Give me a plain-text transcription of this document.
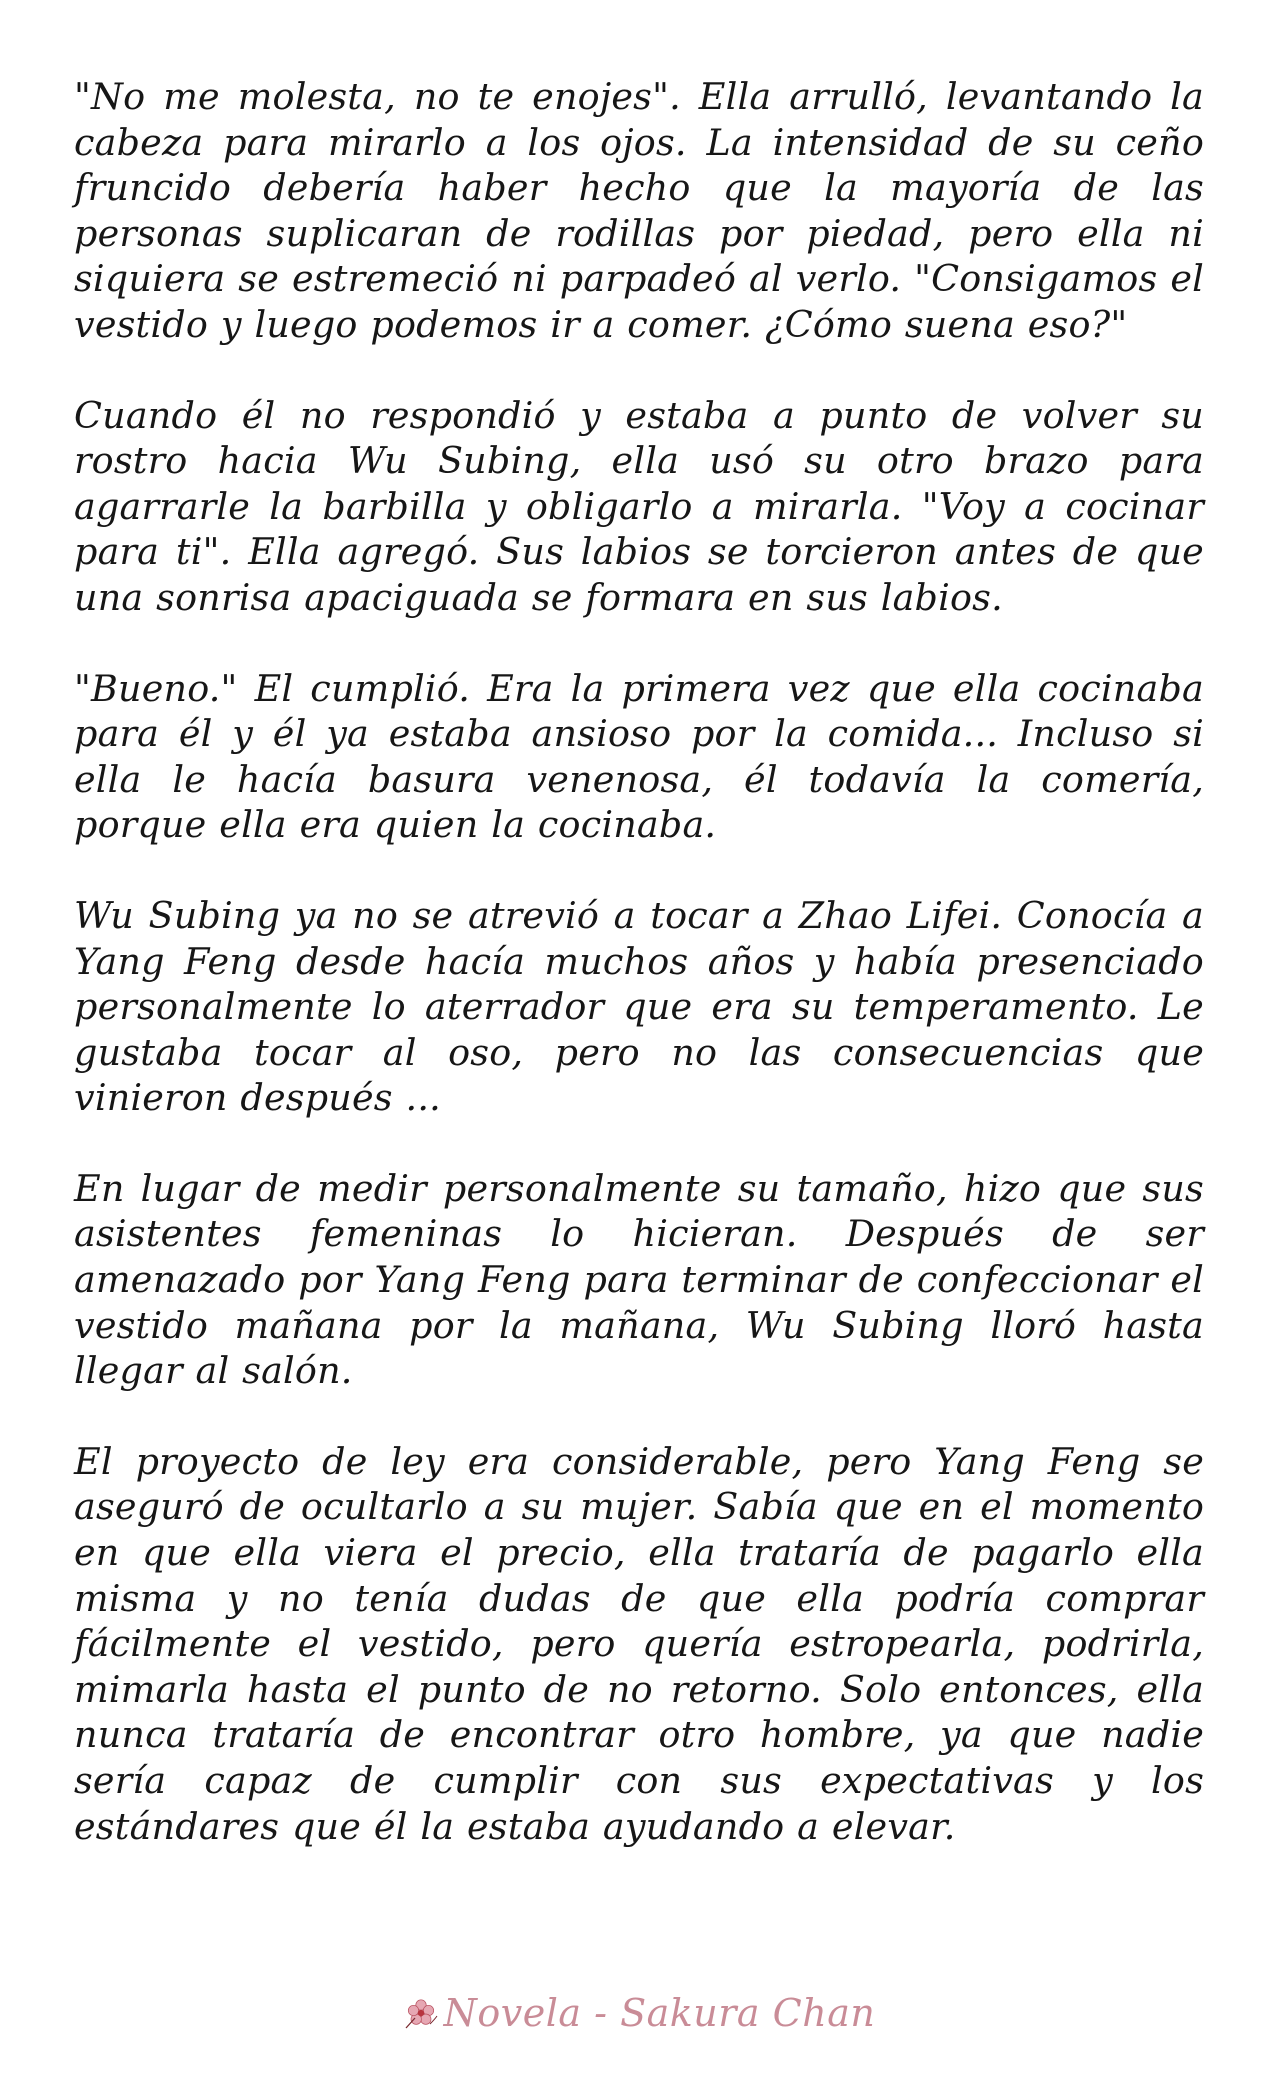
"No me molesta, no te enojes". Ella arrulló, levantando la cabeza para mirarlo a los ojos. La intensidad de su ceño fruncido debería haber hecho que la mayoría de las personas suplicaran de rodillas por piedad, pero ella ni siquiera se estremeció ni parpadeó al verlo. "Consigamos el vestido y luego podemos ir a comer. ¿Cómo suena eso?"

Cuando él no respondió y estaba a punto de volver su rostro hacia Wu Subing, ella usó su otro brazo para agarrarle la barbilla y obligarlo a mirarla. "Voy a cocinar para ti". Ella agregó. Sus labios se torcieron antes de que una sonrisa apaciguada se formara en sus labios.

"Bueno." El cumplió. Era la primera vez que ella cocinaba para él y él ya estaba ansioso por la comida... Incluso si ella le hacía basura venenosa, él todavía la comería, porque ella era quien la cocinaba.

Wu Subing ya no se atrevió a tocar a Zhao Lifei. Conocía a Yang Feng desde hacía muchos años y había presenciado personalmente lo aterrador que era su temperamento. Le gustaba tocar al oso, pero no las consecuencias que vinieron después ...

En lugar de medir personalmente su tamaño, hizo que sus asistentes femeninas lo hicieran. Después de ser amenazado por Yang Feng para terminar de confeccionar el vestido mañana por la mañana, Wu Subing lloró hasta llegar al salón.

El proyecto de ley era considerable, pero Yang Feng se aseguró de ocultarlo a su mujer. Sabía que en el momento en que ella viera el precio, ella trataría de pagarlo ella misma y no tenía dudas de que ella podría comprar fácilmente el vestido, pero quería estropearla, podrirla, mimarla hasta el punto de no retorno. Solo entonces, ella nunca trataría de encontrar otro hombre, ya que nadie sería capaz de cumplir con sus expectativas y los estándares que él la estaba ayudando a elevar.

Novela - Sakura Chan
